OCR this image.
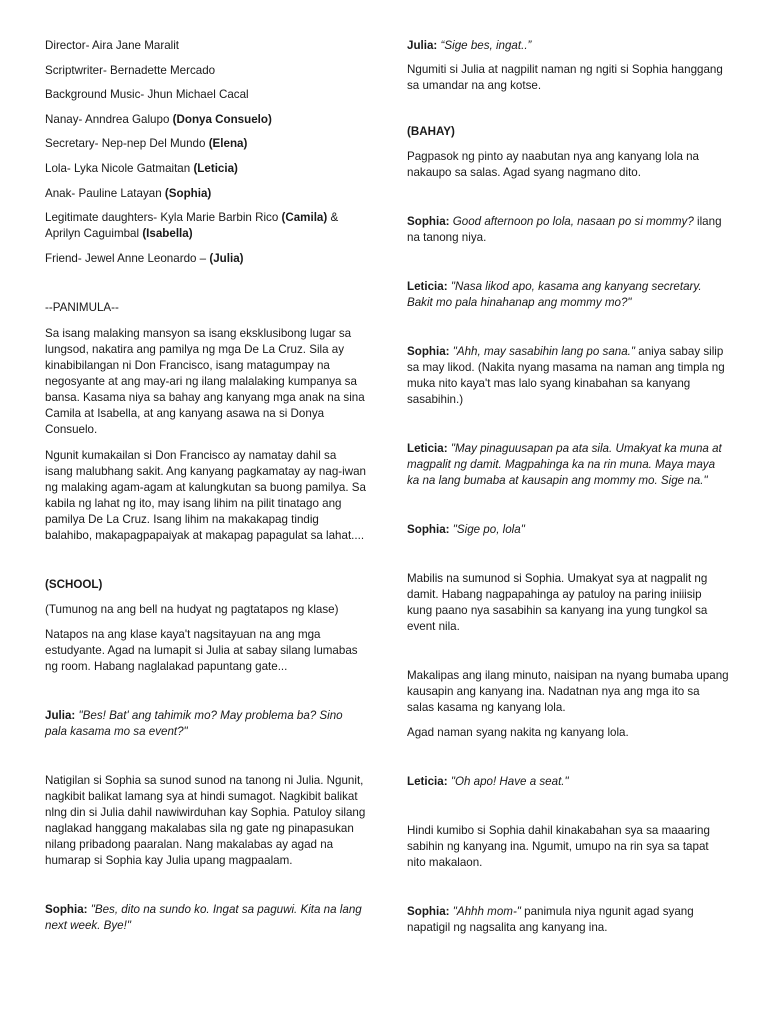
Director- Aira Jane Maralit

Scriptwriter- Bernadette Mercado

Background Music- Jhun Michael Cacal

Nanay- Anndrea Galupo (Donya Consuelo)

Secretary- Nep-nep Del Mundo (Elena)

Lola- Lyka Nicole Gatmaitan (Leticia)

Anak- Pauline Latayan (Sophia)

Legitimate daughters- Kyla Marie Barbin Rico (Camila) & Aprilyn Caguimbal (Isabella)

Friend- Jewel Anne Leonardo – (Julia)

--PANIMULA--

Sa isang malaking mansyon sa isang eksklusibong lugar sa lungsod, nakatira ang pamilya ng mga De La Cruz. Sila ay kinabibilangan ni Don Francisco, isang matagumpay na negosyante at ang may-ari ng ilang malalaking kumpanya sa bansa. Kasama niya sa bahay ang kanyang mga anak na sina Camila at Isabella, at ang kanyang asawa na si Donya Consuelo.

Ngunit kumakailan si Don Francisco ay namatay dahil sa isang malubhang sakit. Ang kanyang pagkamatay ay nag-iwan ng malaking agam-agam at kalungkutan sa buong pamilya. Sa kabila ng lahat ng ito, may isang lihim na pilit tinatago ang pamilya De La Cruz. Isang lihim na makakapag tindig balahibo, makapagpapaiyak at makapag papagulat sa lahat....

(SCHOOL)

(Tumunog na ang bell na hudyat ng pagtatapos ng klase)

Natapos na ang klase kaya't nagsitayuan na ang mga estudyante. Agad na lumapit si Julia at sabay silang lumabas ng room. Habang naglalakad papuntang gate...

Julia: "Bes! Bat' ang tahimik mo? May problema ba? Sino pala kasama mo sa event?"

Natigilan si Sophia sa sunod sunod na tanong ni Julia. Ngunit, nagkibit balikat lamang sya at hindi sumagot. Nagkibit balikat nlng din si Julia dahil nawiwirduhan kay Sophia. Patuloy silang naglakad hanggang makalabas sila ng gate ng pinapasukan nilang pribadong paaralan. Nang makalabas ay agad na humarap si Sophia kay Julia upang magpaalam.

Sophia: "Bes, dito na sundo ko. Ingat sa paguwi. Kita na lang next week. Bye!"

Julia: “Sige bes, ingat..”

Ngumiti si Julia at nagpilit naman ng ngiti si Sophia hanggang sa umandar na ang kotse.

(BAHAY)

Pagpasok ng pinto ay naabutan nya ang kanyang lola na nakaupo sa salas. Agad syang nagmano dito.

Sophia: Good afternoon po lola, nasaan po si mommy? ilang na tanong niya.

Leticia: "Nasa likod apo, kasama ang kanyang secretary. Bakit mo pala hinahanap ang mommy mo?"

Sophia: "Ahh, may sasabihin lang po sana." aniya sabay silip sa may likod. (Nakita nyang masama na naman ang timpla ng muka nito kaya't mas lalo syang kinabahan sa kanyang sasabihin.)

Leticia: "May pinaguusapan pa ata sila. Umakyat ka muna at magpalit ng damit. Magpahinga ka na rin muna. Maya maya ka na lang bumaba at kausapin ang mommy mo. Sige na."

Sophia: "Sige po, lola"

Mabilis na sumunod si Sophia. Umakyat sya at nagpalit ng damit. Habang nagpapahinga ay patuloy na paring iniiisip kung paano nya sasabihin sa kanyang ina yung tungkol sa event nila.

Makalipas ang ilang minuto, naisipan na nyang bumaba upang kausapin ang kanyang ina. Nadatnan nya ang mga ito sa salas kasama ng kanyang lola.

Agad naman syang nakita ng kanyang lola.

Leticia: "Oh apo! Have a seat."

Hindi kumibo si Sophia dahil kinakabahan sya sa maaaring sabihin ng kanyang ina. Ngumit, umupo na rin sya sa tapat nito makalaon.

Sophia: "Ahhh mom-" panimula niya ngunit agad syang napatigil ng nagsalita ang kanyang ina.
